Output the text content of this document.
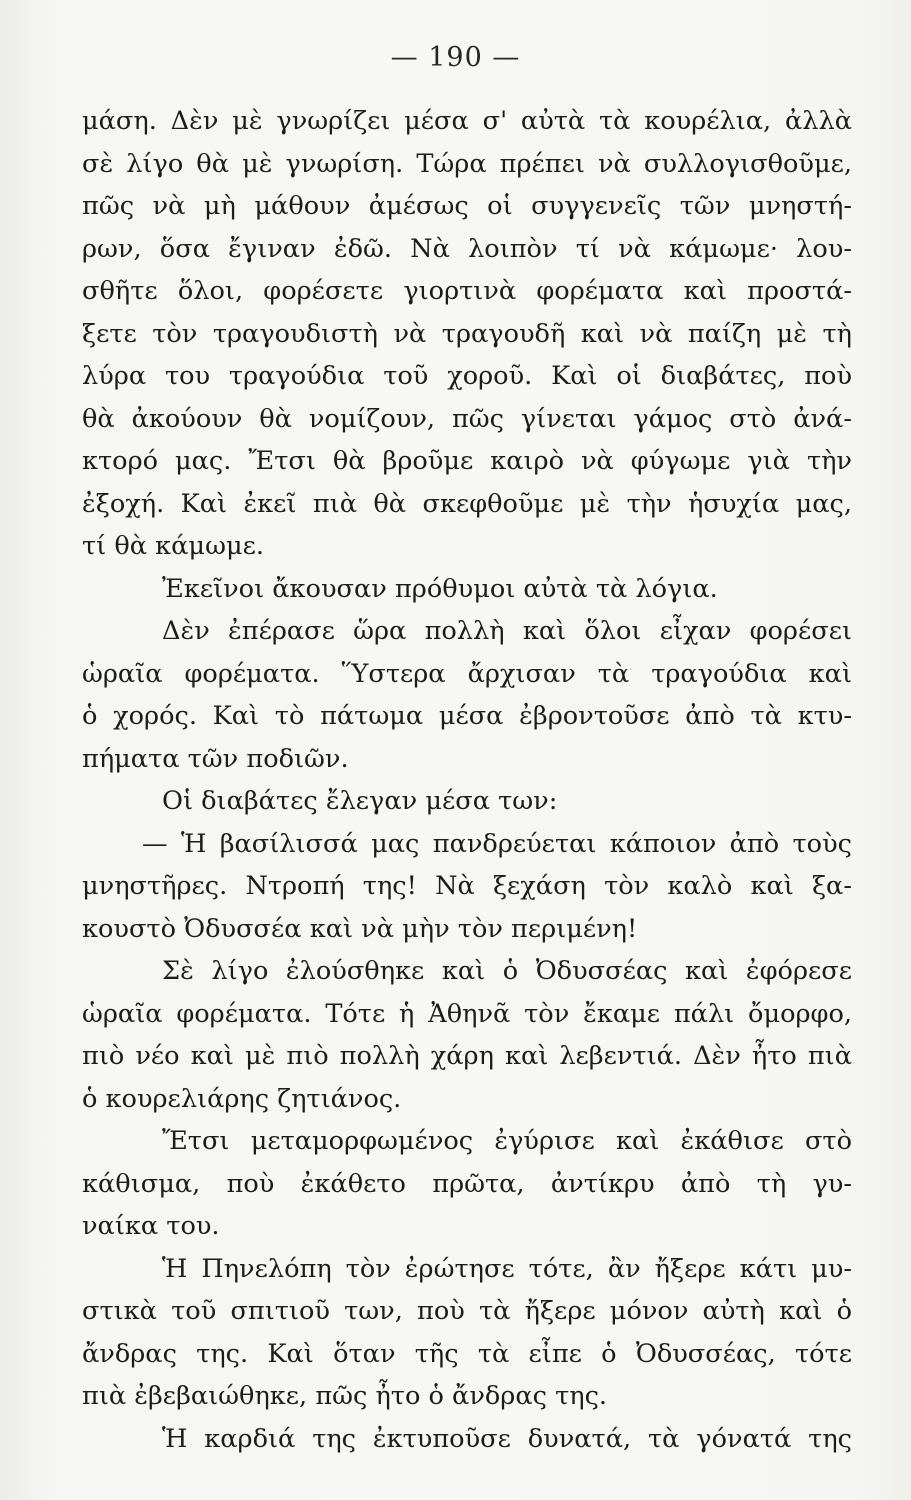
— 190 —
μάση. Δὲν μὲ γνωρίζει μέσα σ' αὐτὰ τὰ κουρέλια, ἀλλὰ
σὲ λίγο θὰ μὲ γνωρίση. Τώρα πρέπει νὰ συλλογισθοῦμε,
πῶς νὰ μὴ μάθουν ἀμέσως οἱ συγγενεῖς τῶν μνηστή-
ρων, ὅσα ἔγιναν ἐδῶ. Νὰ λοιπὸν τί νὰ κάμωμε· λου-
σθῆτε ὅλοι, φορέσετε γιορτινὰ φορέματα καὶ προστά-
ξετε τὸν τραγουδιστὴ νὰ τραγουδῆ καὶ νὰ παίζη μὲ τὴ
λύρα του τραγούδια τοῦ χοροῦ. Καὶ οἱ διαβάτες, ποὺ
θὰ ἀκούουν θὰ νομίζουν, πῶς γίνεται γάμος στὸ ἀνά-
κτορό μας. Ἔτσι θὰ βροῦμε καιρὸ νὰ φύγωμε γιὰ τὴν
ἐξοχή. Καὶ ἐκεῖ πιὰ θὰ σκεφθοῦμε μὲ τὴν ἡσυχία μας,
τί θὰ κάμωμε.
Ἐκεῖνοι ἄκουσαν πρόθυμοι αὐτὰ τὰ λόγια.
Δὲν ἐπέρασε ὥρα πολλὴ καὶ ὅλοι εἶχαν φορέσει
ὡραῖα φορέματα. Ὕστερα ἄρχισαν τὰ τραγούδια καὶ
ὁ χορός. Καὶ τὸ πάτωμα μέσα ἐβροντοῦσε ἀπὸ τὰ κτυ-
πήματα τῶν ποδιῶν.
Οἱ διαβάτες ἔλεγαν μέσα των:
— Ἡ βασίλισσά μας πανδρεύεται κάποιον ἀπὸ τοὺς
μνηστῆρες. Ντροπή της! Νὰ ξεχάση τὸν καλὸ καὶ ξα-
κουστὸ Ὀδυσσέα καὶ νὰ μὴν τὸν περιμένη!
Σὲ λίγο ἐλούσθηκε καὶ ὁ Ὀδυσσέας καὶ ἐφόρεσε
ὡραῖα φορέματα. Τότε ἡ Ἀθηνᾶ τὸν ἔκαμε πάλι ὄμορφο,
πιὸ νέο καὶ μὲ πιὸ πολλὴ χάρη καὶ λεβεντιά. Δὲν ἦτο πιὰ
ὁ κουρελιάρης ζητιάνος.
Ἔτσι μεταμορφωμένος ἐγύρισε καὶ ἐκάθισε στὸ
κάθισμα, ποὺ ἐκάθετο πρῶτα, ἀντίκρυ ἀπὸ τὴ γυ-
ναίκα του.
Ἡ Πηνελόπη τὸν ἐρώτησε τότε, ἂν ἤξερε κάτι μυ-
στικὰ τοῦ σπιτιοῦ των, ποὺ τὰ ἤξερε μόνον αὐτὴ καὶ ὁ
ἄνδρας της. Καὶ ὅταν τῆς τὰ εἶπε ὁ Ὀδυσσέας, τότε
πιὰ ἐβεβαιώθηκε, πῶς ἦτο ὁ ἄνδρας της.
Ἡ καρδιά της ἐκτυποῦσε δυνατά, τὰ γόνατά της
